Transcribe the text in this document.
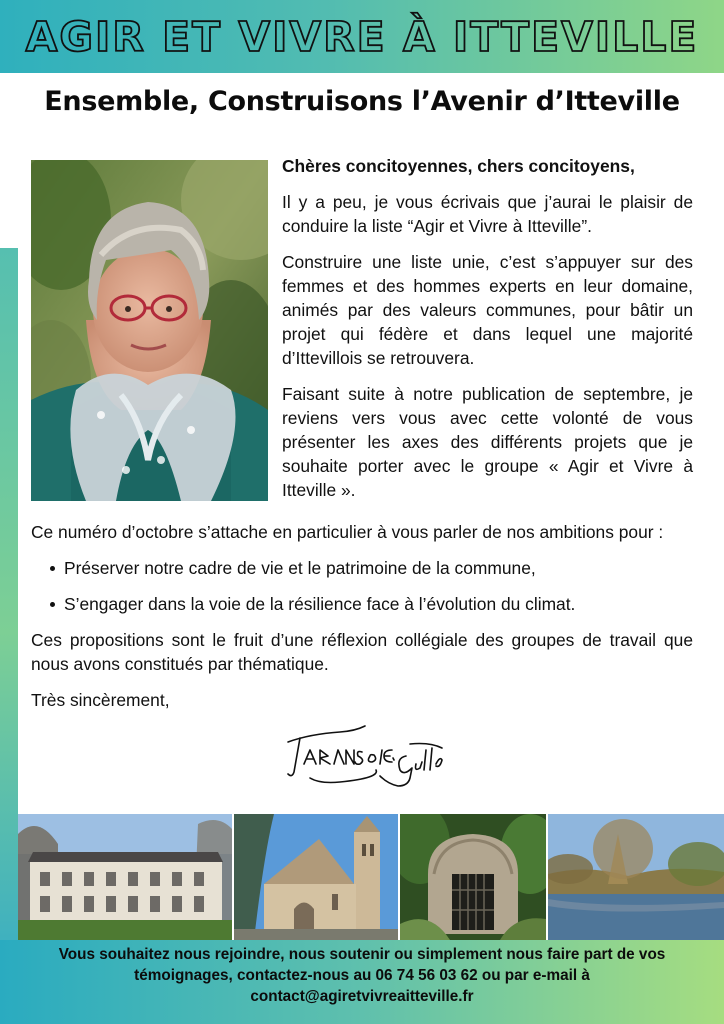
AGIR ET VIVRE À ITTEVILLE
Ensemble, Construisons l’Avenir d’Itteville

Chères concitoyennes, chers concitoyens,

Il y a peu, je vous écrivais que j’aurai le plaisir de conduire la liste “Agir et Vivre à Itteville”.

Construire une liste unie, c’est s’appuyer sur des femmes et des hommes experts en leur domaine, animés par des valeurs communes, pour bâtir un projet qui fédère et dans lequel une majorité d’Ittevillois se retrouvera.

Faisant suite à notre publication de septembre, je reviens vers vous avec cette volonté de vous présenter les axes des différents projets que je souhaite porter avec le groupe « Agir et Vivre à Itteville ».

Ce numéro d’octobre s’attache en particulier à vous parler de nos ambitions pour :

Préserver notre cadre de vie et le patrimoine de la commune,
S’engager dans la voie de la résilience face à l’évolution du climat.

Ces propositions sont le fruit d’une réflexion collégiale des groupes de travail que nous avons constitués par thématique.

Très sincèrement,

Vous souhaitez nous rejoindre, nous soutenir ou simplement nous faire part de vos
témoignages, contactez-nous au 06 74 56 03 62 ou par e-mail à
contact@agiretvivreaitteville.fr
